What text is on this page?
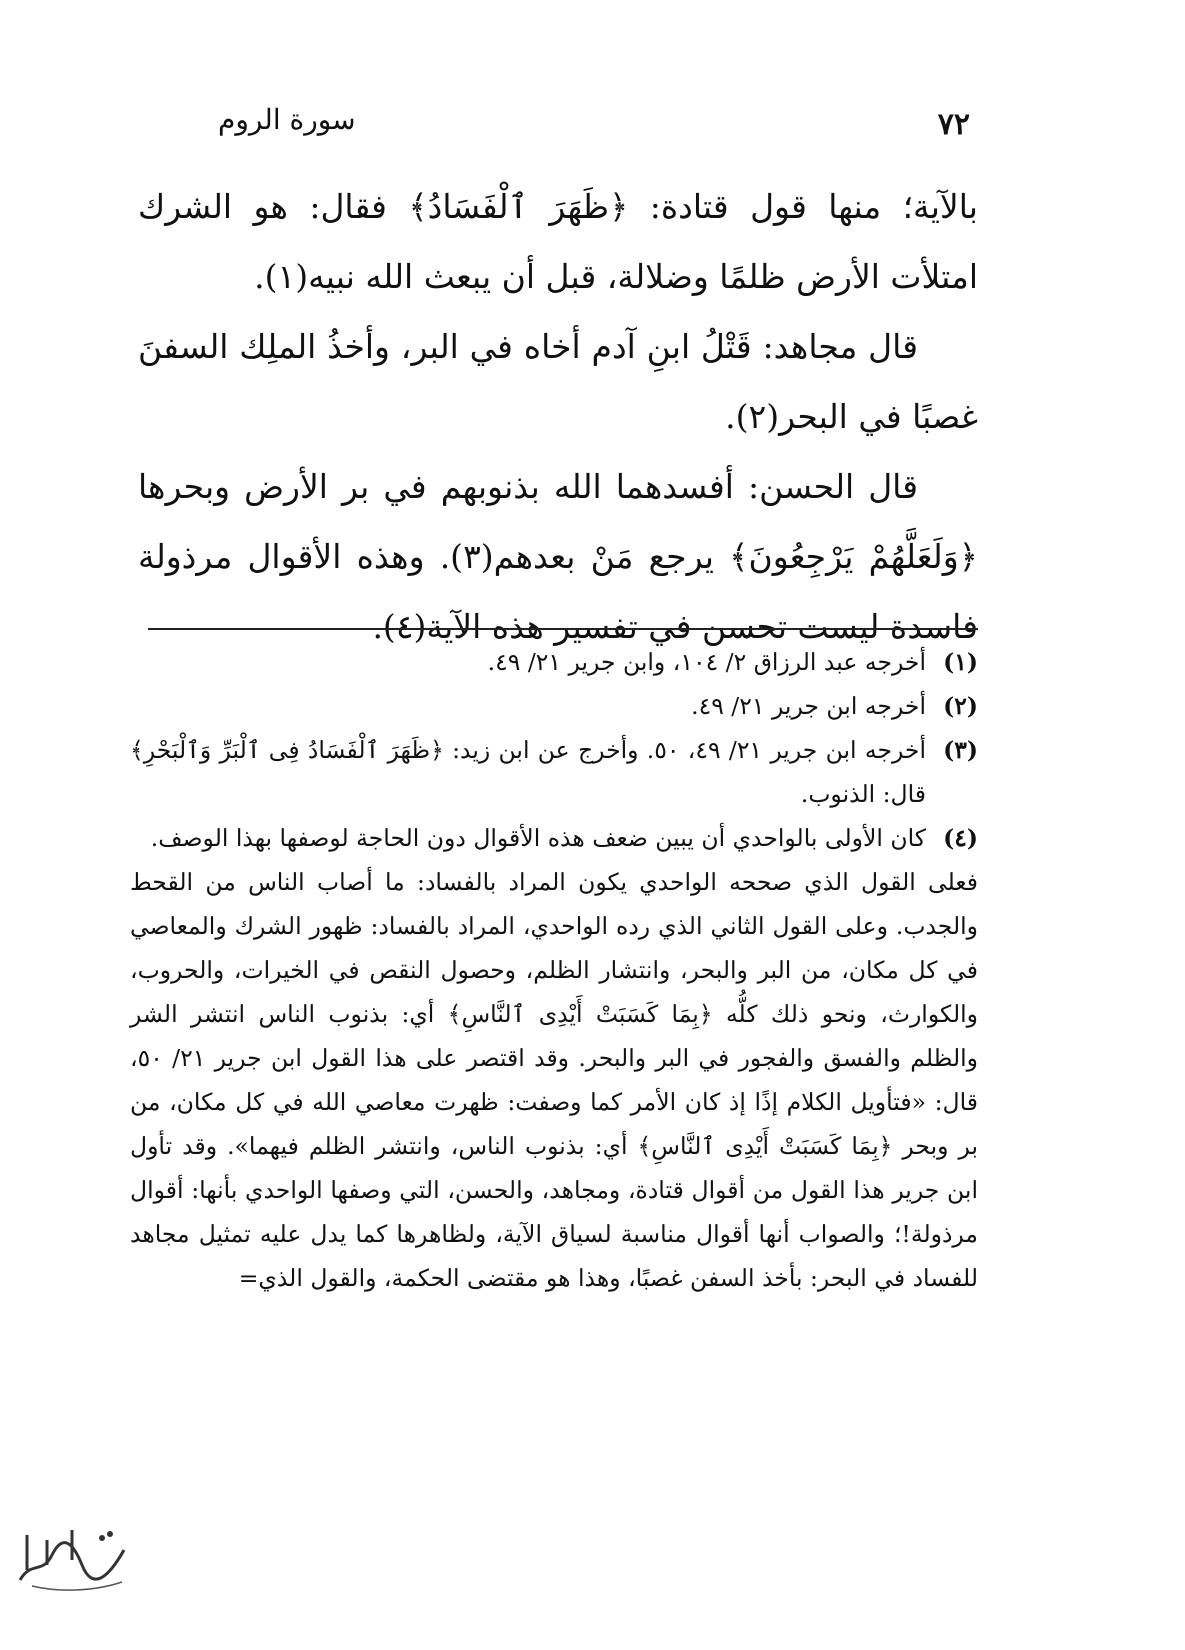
سورة الروم	٧٢

بالآية؛ منها قول قتادة: ﴿ظَهَرَ ٱلْفَسَادُ﴾ فقال: هو الشرك امتلأت الأرض ظلمًا وضلالة، قبل أن يبعث الله نبيه(١).

قال مجاهد: قَتْلُ ابنِ آدم أخاه في البر، وأخذُ الملِك السفنَ غصبًا في البحر(٢).

قال الحسن: أفسدهما الله بذنوبهم في بر الأرض وبحرها ﴿وَلَعَلَّهُمْ يَرْجِعُونَ﴾ يرجع مَنْ بعدهم(٣). وهذه الأقوال مرذولة فاسدة ليست تحسن في تفسير هذه الآية(٤).

(١)
أخرجه عبد الرزاق ٢/ ١٠٤، وابن جرير ٢١/ ٤٩.
(٢)
أخرجه ابن جرير ٢١/ ٤٩.
(٣)
أخرجه ابن جرير ٢١/ ٤٩، ٥٠. وأخرج عن ابن زيد: ﴿ظَهَرَ ٱلْفَسَادُ فِى ٱلْبَرِّ وَٱلْبَحْرِ﴾ قال: الذنوب.
(٤)
كان الأولى بالواحدي أن يبين ضعف هذه الأقوال دون الحاجة لوصفها بهذا الوصف.

فعلى القول الذي صححه الواحدي يكون المراد بالفساد: ما أصاب الناس من القحط والجدب. وعلى القول الثاني الذي رده الواحدي، المراد بالفساد: ظهور الشرك والمعاصي في كل مكان، من البر والبحر، وانتشار الظلم، وحصول النقص في الخيرات، والحروب، والكوارث، ونحو ذلك كلُّه ﴿بِمَا كَسَبَتْ أَيْدِى ٱلنَّاسِ﴾ أي: بذنوب الناس انتشر الشر والظلم والفسق والفجور في البر والبحر. وقد اقتصر على هذا القول ابن جرير ٢١/ ٥٠، قال: «فتأويل الكلام إذًا إذ كان الأمر كما وصفت: ظهرت معاصي الله في كل مكان، من بر وبحر ﴿بِمَا كَسَبَتْ أَيْدِى ٱلنَّاسِ﴾ أي: بذنوب الناس، وانتشر الظلم فيهما». وقد تأول ابن جرير هذا القول من أقوال قتادة، ومجاهد، والحسن، التي وصفها الواحدي بأنها: أقوال مرذولة!؛ والصواب أنها أقوال مناسبة لسياق الآية، ولظاهرها كما يدل عليه تمثيل مجاهد للفساد في البحر: بأخذ السفن غصبًا، وهذا هو مقتضى الحكمة، والقول الذي=
